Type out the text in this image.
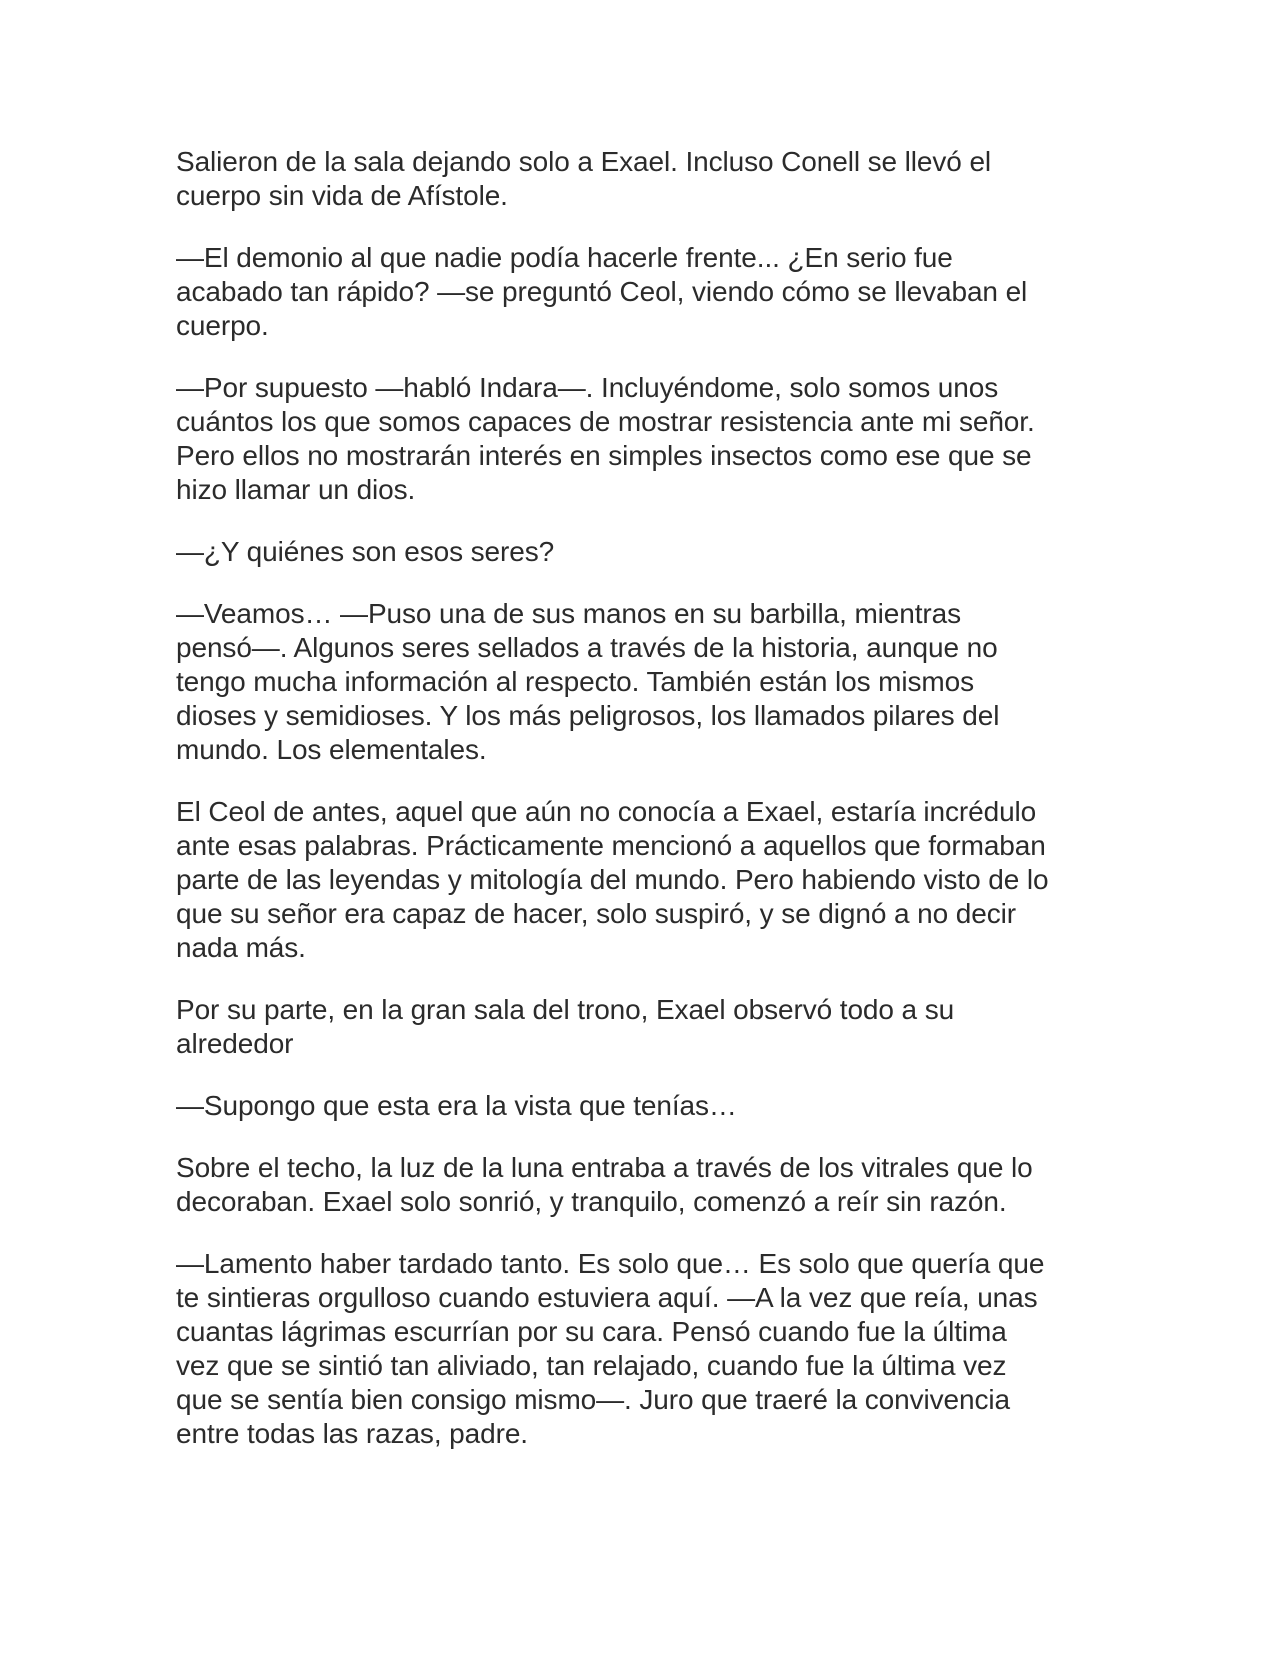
Salieron de la sala dejando solo a Exael. Incluso Conell se llevó el
cuerpo sin vida de Afístole.

—El demonio al que nadie podía hacerle frente... ¿En serio fue
acabado tan rápido? —se preguntó Ceol, viendo cómo se llevaban el
cuerpo.

—Por supuesto —habló Indara—. Incluyéndome, solo somos unos
cuántos los que somos capaces de mostrar resistencia ante mi señor.
Pero ellos no mostrarán interés en simples insectos como ese que se
hizo llamar un dios.

—¿Y quiénes son esos seres?

—Veamos… —Puso una de sus manos en su barbilla, mientras
pensó—. Algunos seres sellados a través de la historia, aunque no
tengo mucha información al respecto. También están los mismos
dioses y semidioses. Y los más peligrosos, los llamados pilares del
mundo. Los elementales.

El Ceol de antes, aquel que aún no conocía a Exael, estaría incrédulo
ante esas palabras. Prácticamente mencionó a aquellos que formaban
parte de las leyendas y mitología del mundo. Pero habiendo visto de lo
que su señor era capaz de hacer, solo suspiró, y se dignó a no decir
nada más.

Por su parte, en la gran sala del trono, Exael observó todo a su
alrededor

—Supongo que esta era la vista que tenías…

Sobre el techo, la luz de la luna entraba a través de los vitrales que lo
decoraban. Exael solo sonrió, y tranquilo, comenzó a reír sin razón.

—Lamento haber tardado tanto. Es solo que… Es solo que quería que
te sintieras orgulloso cuando estuviera aquí. —A la vez que reía, unas
cuantas lágrimas escurrían por su cara. Pensó cuando fue la última
vez que se sintió tan aliviado, tan relajado, cuando fue la última vez
que se sentía bien consigo mismo—. Juro que traeré la convivencia
entre todas las razas, padre.
